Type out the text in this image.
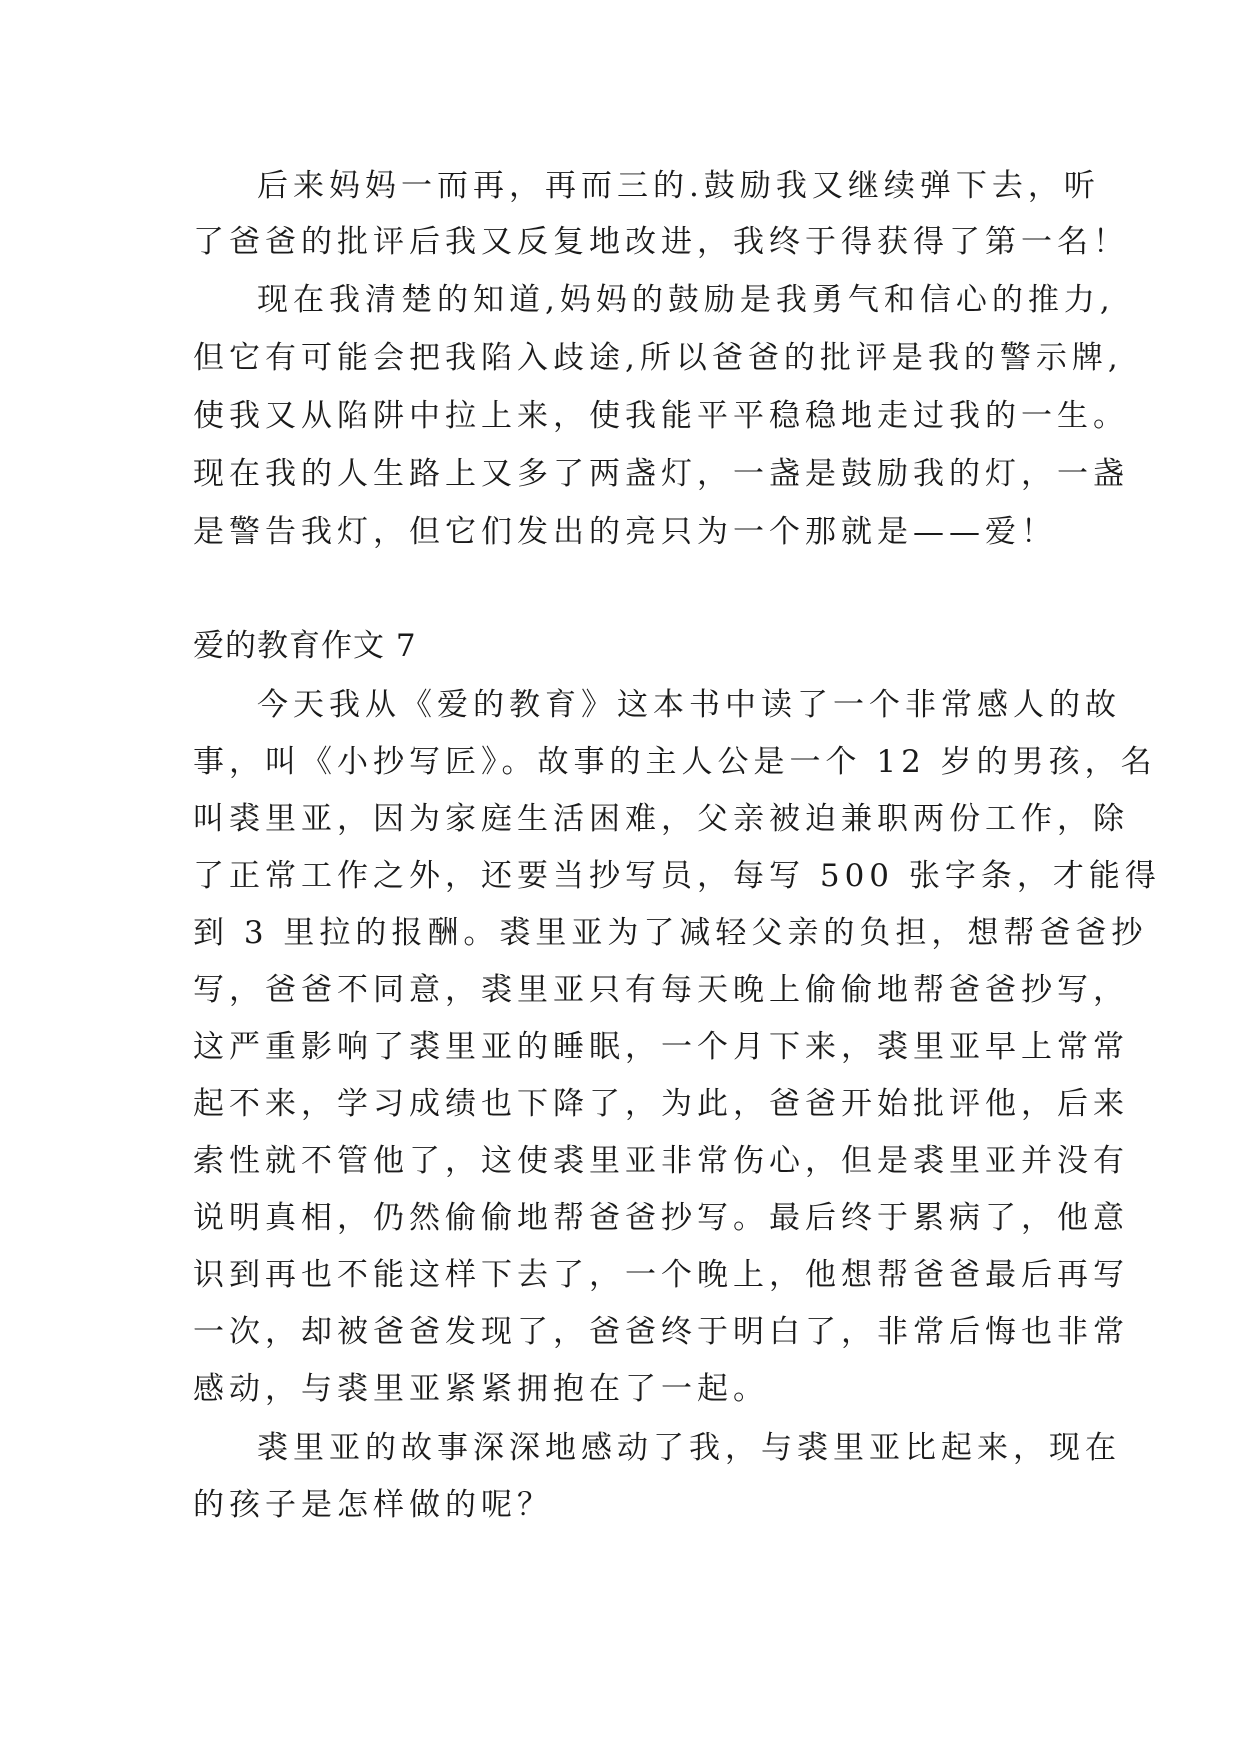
后来妈妈一而再，再而三的.鼓励我又继续弹下去，听
了爸爸的批评后我又反复地改进，我终于得获得了第一名！
现在我清楚的知道,妈妈的鼓励是我勇气和信心的推力,
但它有可能会把我陷入歧途,所以爸爸的批评是我的警示牌,
使我又从陷阱中拉上来，使我能平平稳稳地走过我的一生。
现在我的人生路上又多了两盏灯，一盏是鼓励我的灯，一盏
是警告我灯，但它们发出的亮只为一个那就是——爱！
爱的教育作文 7
今天我从《爱的教育》这本书中读了一个非常感人的故
事，叫《小抄写匠》。故事的主人公是一个 12 岁的男孩，名
叫裘里亚，因为家庭生活困难，父亲被迫兼职两份工作，除
了正常工作之外，还要当抄写员，每写 500 张字条，才能得
到 3 里拉的报酬。裘里亚为了减轻父亲的负担，想帮爸爸抄
写，爸爸不同意，裘里亚只有每天晚上偷偷地帮爸爸抄写，
这严重影响了裘里亚的睡眠，一个月下来，裘里亚早上常常
起不来，学习成绩也下降了，为此，爸爸开始批评他，后来
索性就不管他了，这使裘里亚非常伤心，但是裘里亚并没有
说明真相，仍然偷偷地帮爸爸抄写。最后终于累病了，他意
识到再也不能这样下去了，一个晚上，他想帮爸爸最后再写
一次，却被爸爸发现了，爸爸终于明白了，非常后悔也非常
感动，与裘里亚紧紧拥抱在了一起。
裘里亚的故事深深地感动了我，与裘里亚比起来，现在
的孩子是怎样做的呢？
